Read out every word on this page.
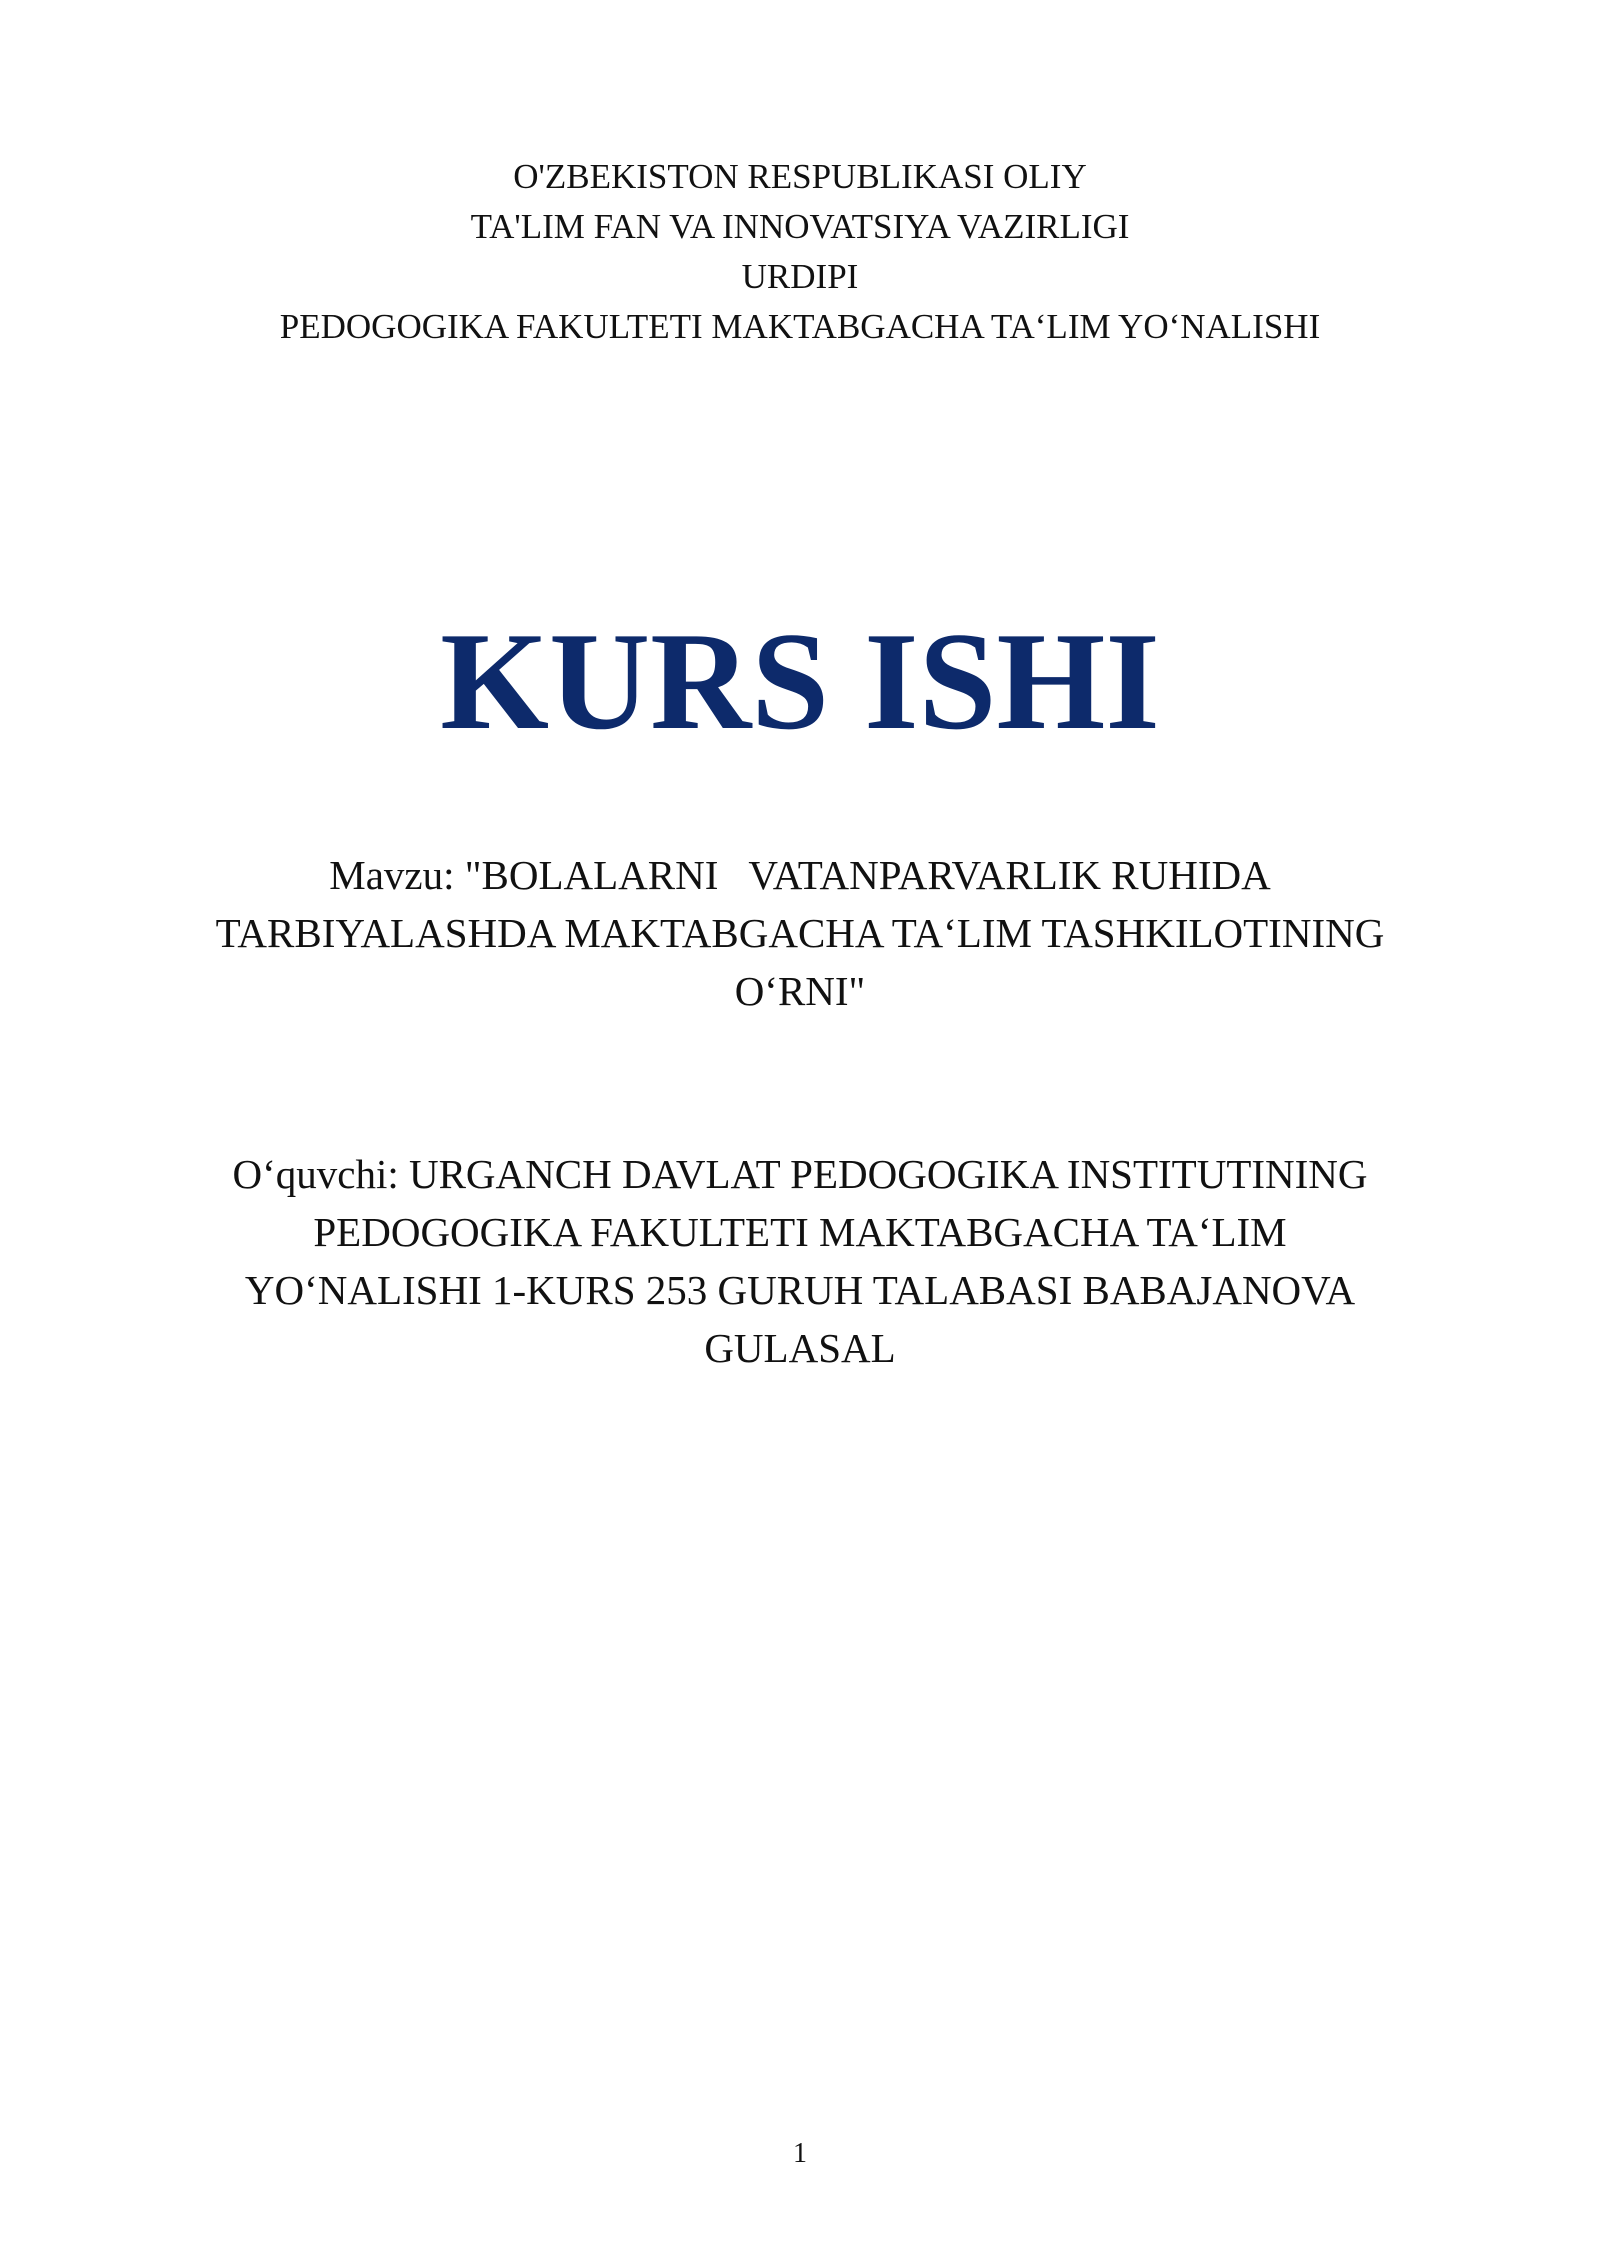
O'ZBEKISTON RESPUBLIKASI OLIY
TA'LIM FAN VA INNOVATSIYA VAZIRLIGI
URDIPI
PEDOGOGIKA FAKULTETI MAKTABGACHA TA‘LIM YO‘NALISHI
KURS ISHI
Mavzu: "BOLALARNI   VATANPARVARLIK RUHIDA
TARBIYALASHDA MAKTABGACHA TA‘LIM TASHKILOTINING
O‘RNI"
O‘quvchi: URGANCH DAVLAT PEDOGOGIKA INSTITUTINING
PEDOGOGIKA FAKULTETI MAKTABGACHA TA‘LIM
YO‘NALISHI 1-KURS 253 GURUH TALABASI BABAJANOVA
GULASAL
1
